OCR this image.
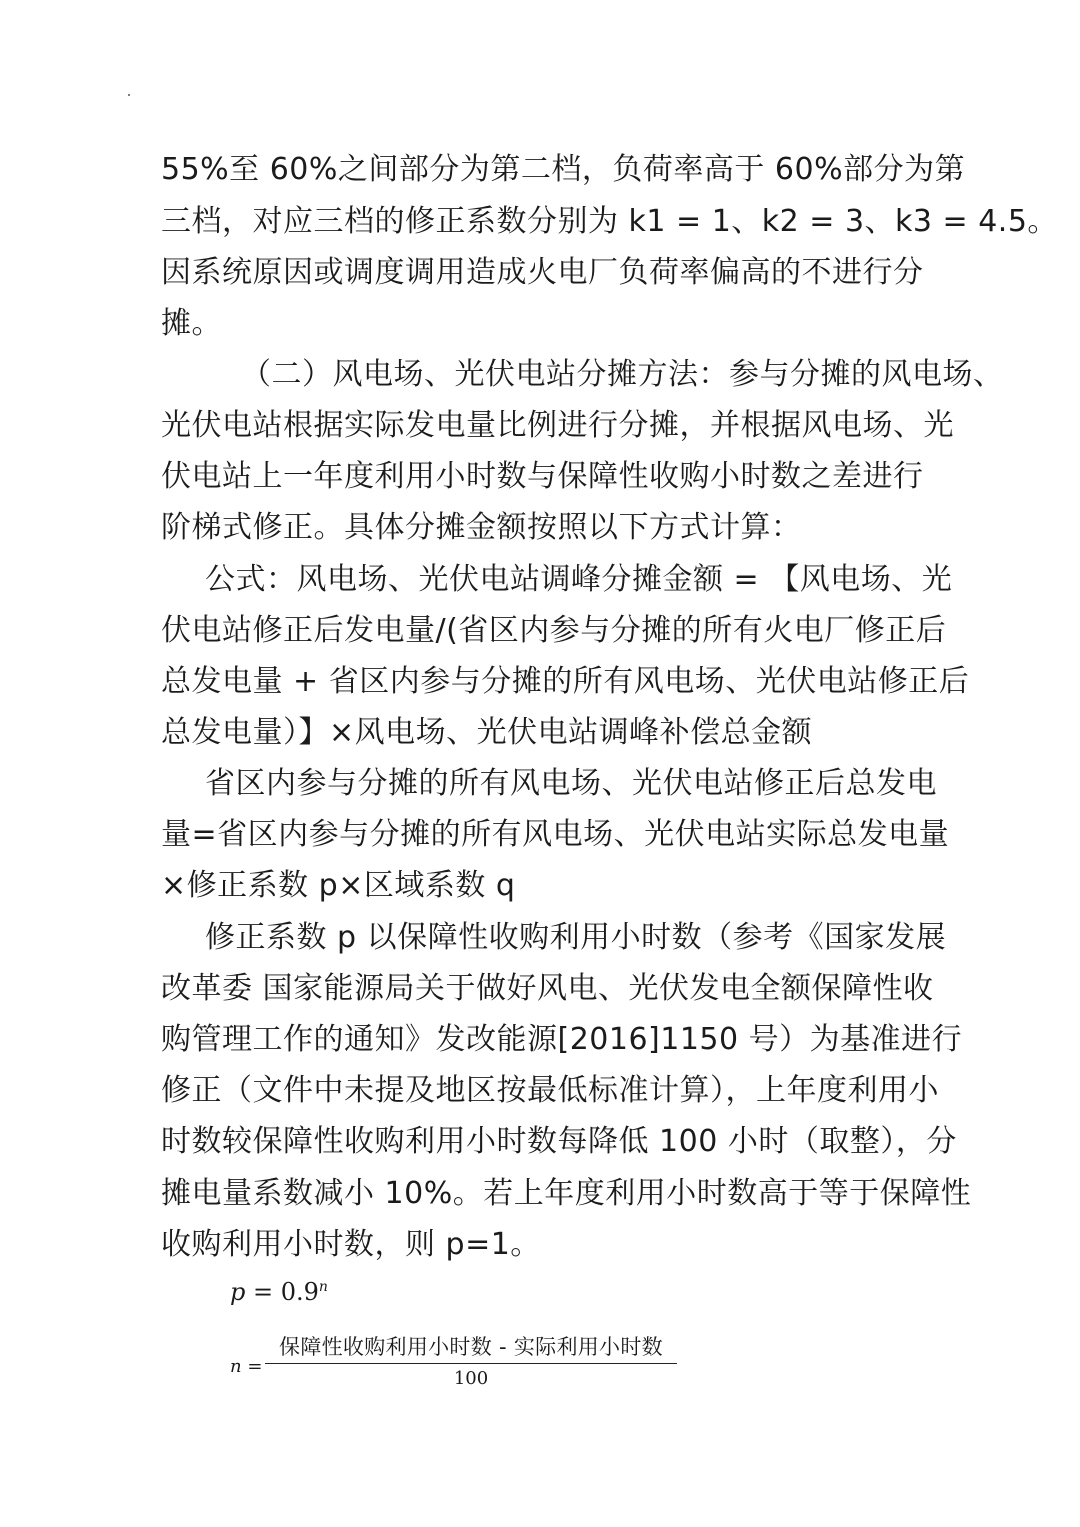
55%至 60%之间部分为第二档，负荷率高于 60%部分为第
三档，对应三档的修正系数分别为 k1 = 1、k2 = 3、k3 = 4.5。
因系统原因或调度调用造成火电厂负荷率偏高的不进行分
摊。
（二）风电场、光伏电站分摊方法：参与分摊的风电场、
光伏电站根据实际发电量比例进行分摊，并根据风电场、光
伏电站上一年度利用小时数与保障性收购小时数之差进行
阶梯式修正。具体分摊金额按照以下方式计算：
公式：风电场、光伏电站调峰分摊金额 = 【风电场、光
伏电站修正后发电量/(省区内参与分摊的所有火电厂修正后
总发电量 + 省区内参与分摊的所有风电场、光伏电站修正后
总发电量）】×风电场、光伏电站调峰补偿总金额
省区内参与分摊的所有风电场、光伏电站修正后总发电
量=省区内参与分摊的所有风电场、光伏电站实际总发电量
×修正系数 p×区域系数 q
修正系数 p 以保障性收购利用小时数（参考《国家发展
改革委 国家能源局关于做好风电、光伏发电全额保障性收
购管理工作的通知》发改能源[2016]1150 号）为基准进行
修正（文件中未提及地区按最低标准计算），上年度利用小
时数较保障性收购利用小时数每降低 100 小时（取整），分
摊电量系数减小 10%。若上年度利用小时数高于等于保障性
收购利用小时数，则 p=1。
$p = 0.9^n$
n =
保障性收购利用小时数 - 实际利用小时数
100
